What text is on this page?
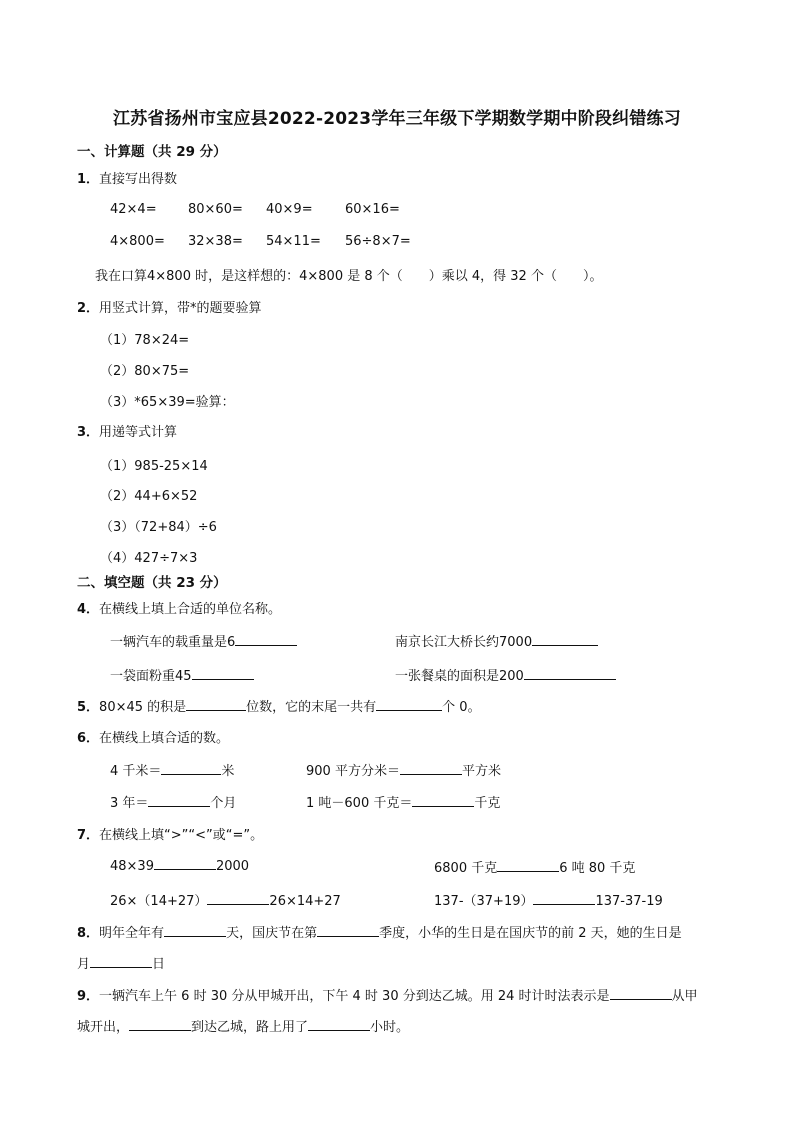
江苏省扬州市宝应县2022-2023学年三年级下学期数学期中阶段纠错练习
一、计算题（共 29 分）
1．直接写出得数
42×4= 80×60= 40×9= 60×16=
4×800= 32×38= 54×11= 56÷8×7=
我在口算4×800 时，是这样想的：4×800 是 8 个（　　）乘以 4，得 32 个（　　）。
2．用竖式计算，带*的题要验算
（1）78×24=
（2）80×75=
（3）*65×39=验算：
3．用递等式计算
（1）985-25×14
（2）44+6×52
（3）（72+84）÷6
（4）427÷7×3
二、填空题（共 23 分）
4．在横线上填上合适的单位名称。
一辆汽车的载重量是6	南京长江大桥长约7000
一袋面粉重45	一张餐桌的面积是200
5．80×45 的积是	位数，它的末尾一共有	个 0。
6．在横线上填合适的数。
4 千米＝	米	900 平方分米＝	平方米
3 年＝	个月	1 吨－600 千克＝	千克
7．在横线上填“>”“<”或“=”。
48×39	2000	6800 千克	6 吨 80 千克
26×（14+27）	26×14+27	137-（37+19）	137-37-19
8．明年全年有	天，国庆节在第	季度，小华的生日是在国庆节的前 2 天，她的生日是
月	日
9．一辆汽车上午 6 时 30 分从甲城开出，下午 4 时 30 分到达乙城。用 24 时计时法表示是	从甲
城开出，	到达乙城，路上用了	小时。
